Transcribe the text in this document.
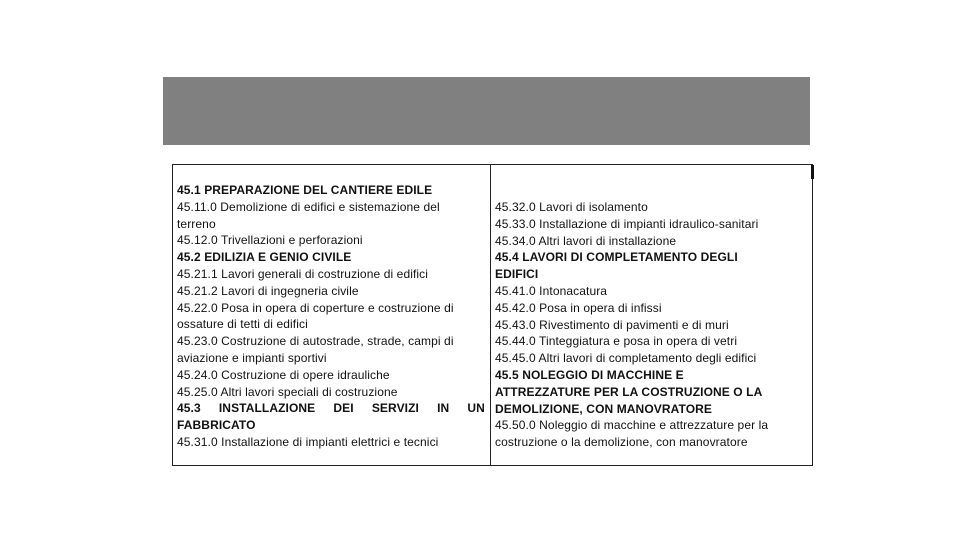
45.1 PREPARAZIONE DEL CANTIERE EDILE
45.11.0 Demolizione di edifici e sistemazione del
terreno
45.12.0 Trivellazioni e perforazioni
45.2 EDILIZIA E GENIO CIVILE
45.21.1 Lavori generali di costruzione di edifici
45.21.2 Lavori di ingegneria civile
45.22.0 Posa in opera di coperture e costruzione di
ossature di tetti di edifici
45.23.0 Costruzione di autostrade, strade, campi di
aviazione e impianti sportivi
45.24.0 Costruzione di opere idrauliche
45.25.0 Altri lavori speciali di costruzione
45.3 INSTALLAZIONE DEI SERVIZI IN UN
FABBRICATO
45.31.0 Installazione di impianti elettrici e tecnici
45.32.0 Lavori di isolamento
45.33.0 Installazione di impianti idraulico-sanitari
45.34.0 Altri lavori di installazione
45.4 LAVORI DI COMPLETAMENTO DEGLI
EDIFICI
45.41.0 Intonacatura
45.42.0 Posa in opera di infissi
45.43.0 Rivestimento di pavimenti e di muri
45.44.0 Tinteggiatura e posa in opera di vetri
45.45.0 Altri lavori di completamento degli edifici
45.5 NOLEGGIO DI MACCHINE E
ATTREZZATURE PER LA COSTRUZIONE O LA
DEMOLIZIONE, CON MANOVRATORE
45.50.0 Noleggio di macchine e attrezzature per la
costruzione o la demolizione, con manovratore
